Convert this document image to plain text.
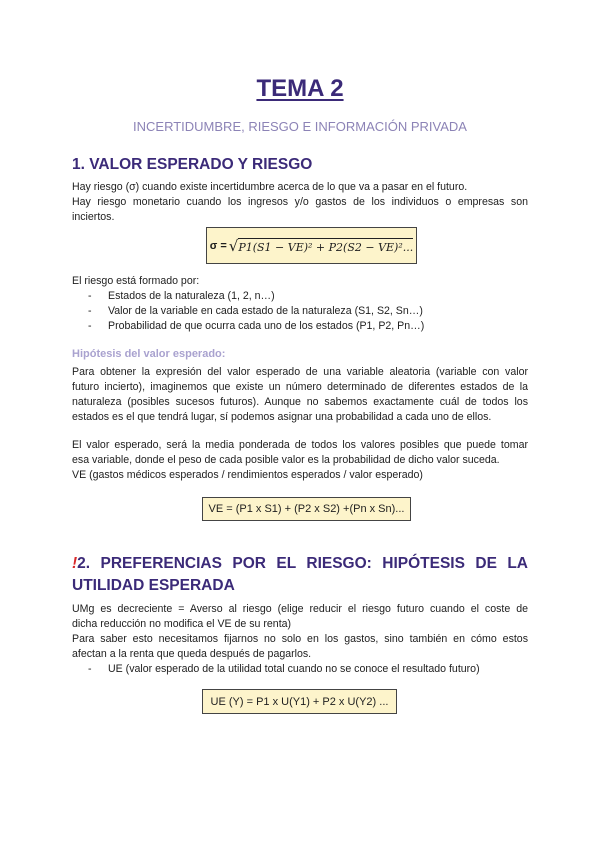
TEMA 2
INCERTIDUMBRE, RIESGO E INFORMACIÓN PRIVADA
1. VALOR ESPERADO Y RIESGO
Hay riesgo (σ) cuando existe incertidumbre acerca de lo que va a pasar en el futuro.
Hay riesgo monetario cuando los ingresos y/o gastos de los individuos o empresas son
inciertos.
σ = √ P1(S1 − VE)² + P2(S2 − VE)²...
El riesgo está formado por:
- Estados de la naturaleza (1, 2, n…)
- Valor de la variable en cada estado de la naturaleza (S1, S2, Sn…)
- Probabilidad de que ocurra cada uno de los estados (P1, P2, Pn…)
Hipótesis del valor esperado:
Para obtener la expresión del valor esperado de una variable aleatoria (variable con valor
futuro incierto), imaginemos que existe un número determinado de diferentes estados de la
naturaleza (posibles sucesos futuros). Aunque no sabemos exactamente cuál de todos los
estados es el que tendrá lugar, sí podemos asignar una probabilidad a cada uno de ellos.
El valor esperado, será la media ponderada de todos los valores posibles que puede tomar
esa variable, donde el peso de cada posible valor es la probabilidad de dicho valor suceda.
VE (gastos médicos esperados / rendimientos esperados / valor esperado)
VE = (P1 x S1) + (P2 x S2) +(Pn x Sn)...
!2. PREFERENCIAS POR EL RIESGO: HIPÓTESIS DE LA
UTILIDAD ESPERADA
UMg es decreciente = Averso al riesgo (elige reducir el riesgo futuro cuando el coste de
dicha reducción no modifica el VE de su renta)
Para saber esto necesitamos fijarnos no solo en los gastos, sino también en cómo estos
afectan a la renta que queda después de pagarlos.
- UE (valor esperado de la utilidad total cuando no se conoce el resultado futuro)
UE (Y) = P1 x U(Y1) + P2 x U(Y2) ...
